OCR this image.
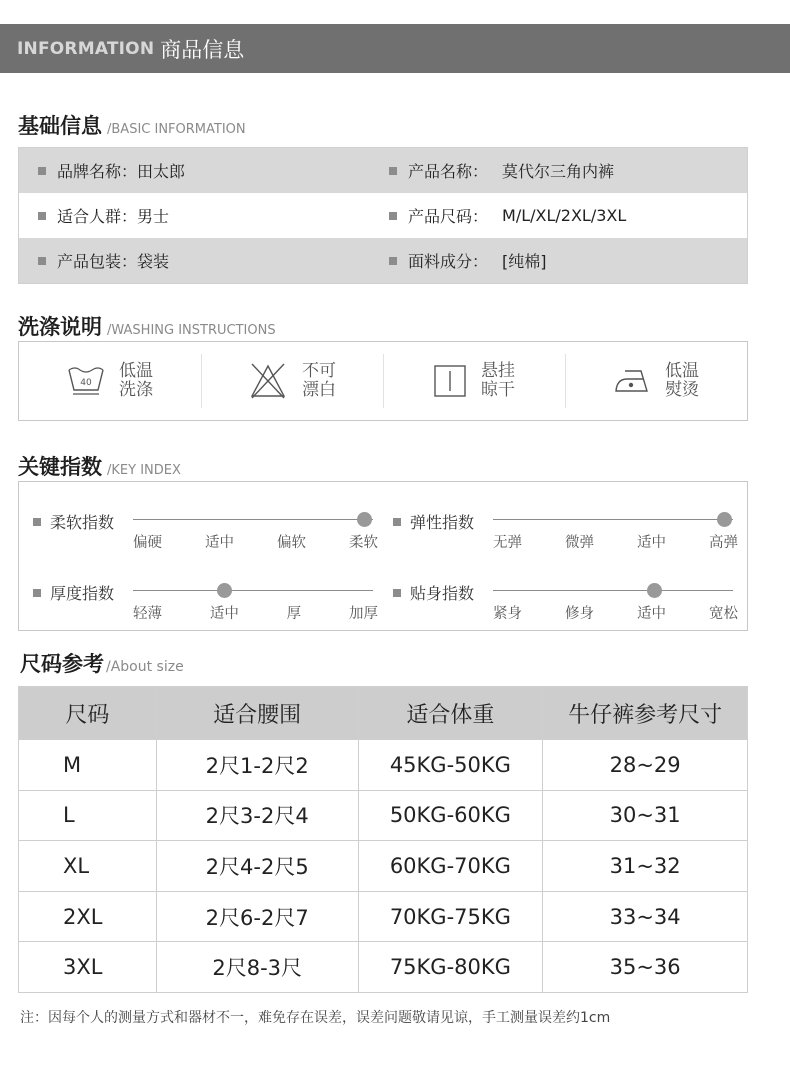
INFORMATION 商品信息
基础信息 /BASIC INFORMATION
品牌名称： 田太郎	产品名称： 莫代尔三角内裤
适合人群： 男士	产品尺码： M/L/XL/2XL/3XL
产品包装： 袋装	面料成分： [纯棉]
洗涤说明 /WASHING INSTRUCTIONS
40
低温
洗涤
不可
漂白
悬挂
晾干
低温
熨烫
关键指数 /KEY INDEX
柔软指数
偏硬	适中	偏软	柔软
弹性指数
无弹	微弹	适中	高弹
厚度指数
轻薄	适中	厚	加厚
贴身指数
紧身	修身	适中	宽松
尺码参考 /About size
尺码	适合腰围	适合体重	牛仔裤参考尺寸
M	2尺1-2尺2	45KG-50KG	28~29
L	2尺3-2尺4	50KG-60KG	30~31
XL	2尺4-2尺5	60KG-70KG	31~32
2XL	2尺6-2尺7	70KG-75KG	33~34
3XL	2尺8-3尺	75KG-80KG	35~36
注：因每个人的测量方式和器材不一，难免存在误差，误差问题敬请见谅，手工测量误差约1cm
